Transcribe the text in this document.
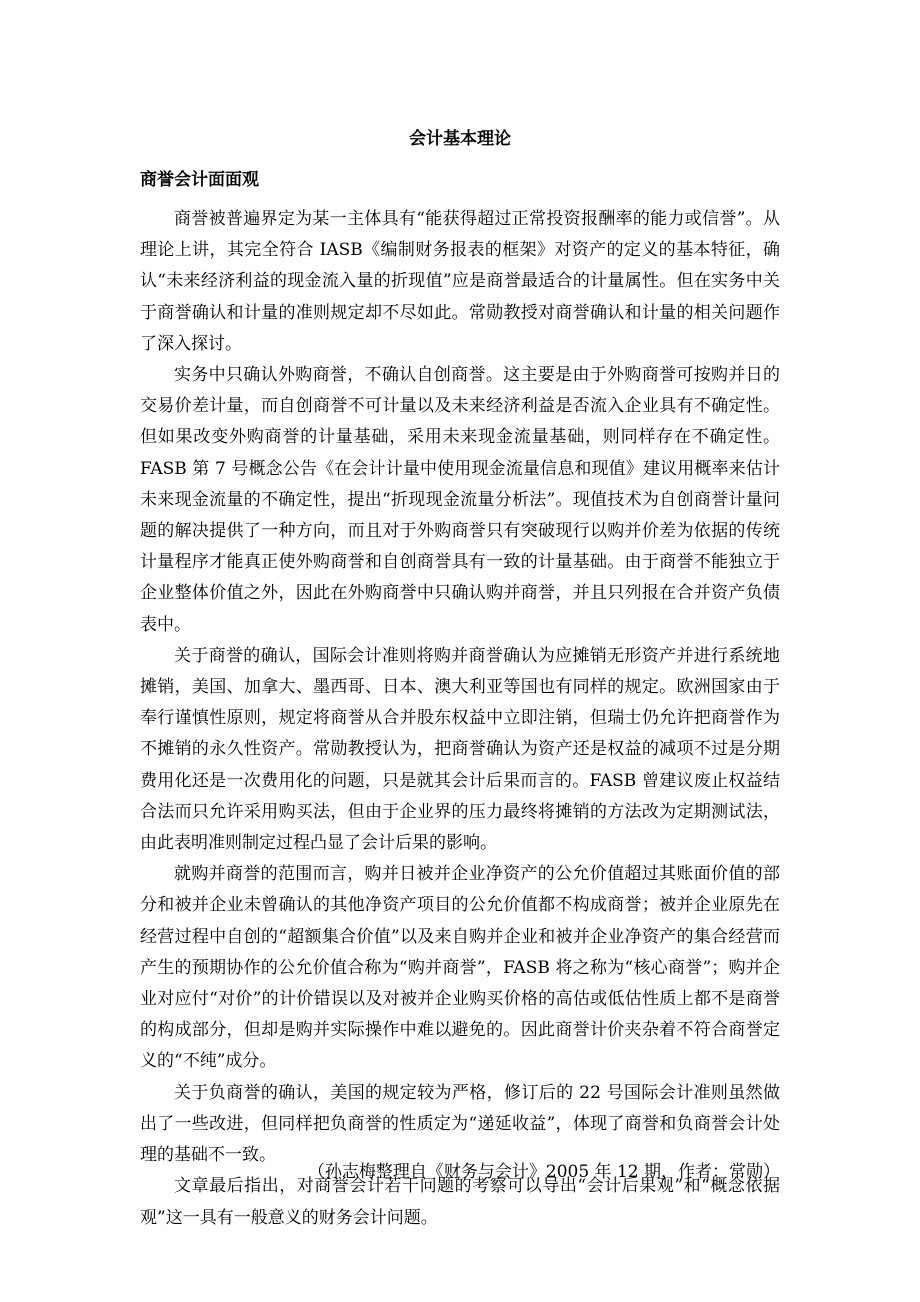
会计基本理论
商誉会计面面观

商誉被普遍界定为某一主体具有“能获得超过正常投资报酬率的能力或信誉”。从理论上讲，其完全符合 IASB《编制财务报表的框架》对资产的定义的基本特征，确认“未来经济利益的现金流入量的折现值”应是商誉最适合的计量属性。但在实务中关于商誉确认和计量的准则规定却不尽如此。常勋教授对商誉确认和计量的相关问题作了深入探讨。

实务中只确认外购商誉，不确认自创商誉。这主要是由于外购商誉可按购并日的交易价差计量，而自创商誉不可计量以及未来经济利益是否流入企业具有不确定性。但如果改变外购商誉的计量基础，采用未来现金流量基础，则同样存在不确定性。FASB 第 7 号概念公告《在会计计量中使用现金流量信息和现值》建议用概率来估计未来现金流量的不确定性，提出“折现现金流量分析法”。现值技术为自创商誉计量问题的解决提供了一种方向，而且对于外购商誉只有突破现行以购并价差为依据的传统计量程序才能真正使外购商誉和自创商誉具有一致的计量基础。由于商誉不能独立于企业整体价值之外，因此在外购商誉中只确认购并商誉，并且只列报在合并资产负债表中。

关于商誉的确认，国际会计准则将购并商誉确认为应摊销无形资产并进行系统地摊销，美国、加拿大、墨西哥、日本、澳大利亚等国也有同样的规定。欧洲国家由于奉行谨慎性原则，规定将商誉从合并股东权益中立即注销，但瑞士仍允许把商誉作为不摊销的永久性资产。常勋教授认为，把商誉确认为资产还是权益的减项不过是分期费用化还是一次费用化的问题，只是就其会计后果而言的。FASB 曾建议废止权益结合法而只允许采用购买法，但由于企业界的压力最终将摊销的方法改为定期测试法，由此表明准则制定过程凸显了会计后果的影响。

就购并商誉的范围而言，购并日被并企业净资产的公允价值超过其账面价值的部分和被并企业未曾确认的其他净资产项目的公允价值都不构成商誉；被并企业原先在经营过程中自创的“超额集合价值”以及来自购并企业和被并企业净资产的集合经营而产生的预期协作的公允价值合称为“购并商誉”，FASB 将之称为“核心商誉”；购并企业对应付“对价”的计价错误以及对被并企业购买价格的高估或低估性质上都不是商誉的构成部分，但却是购并实际操作中难以避免的。因此商誉计价夹杂着不符合商誉定义的“不纯”成分。

关于负商誉的确认，美国的规定较为严格，修订后的 22 号国际会计准则虽然做出了一些改进，但同样把负商誉的性质定为“递延收益”，体现了商誉和负商誉会计处理的基础不一致。

文章最后指出，对商誉会计若干问题的考察可以导出“会计后果观”和“概念依据观”这一具有一般意义的财务会计问题。

（孙志梅整理自《财务与会计》2005 年 12 期，作者：常勋）
